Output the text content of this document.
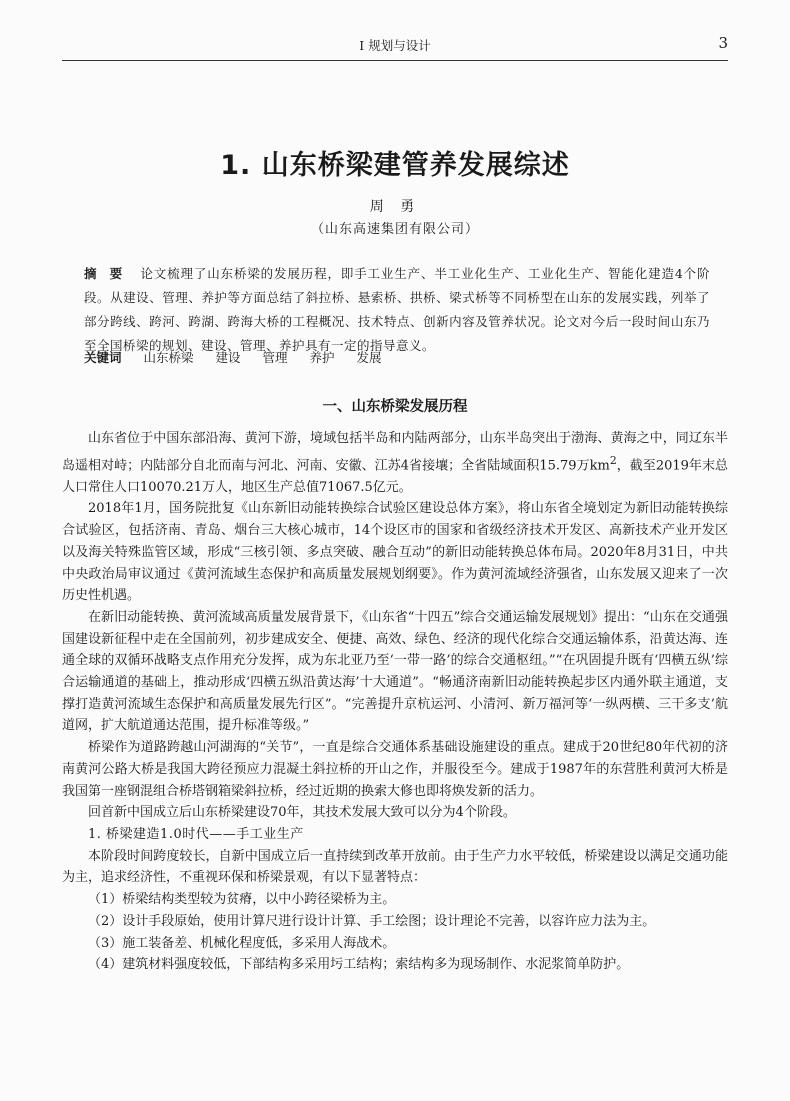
Ⅰ 规划与设计	3
1. 山东桥梁建管养发展综述
周 勇
（山东高速集团有限公司）
摘 要 论文梳理了山东桥梁的发展历程，即手工业生产、半工业化生产、工业化生产、智能化建造4个阶段。从建设、管理、养护等方面总结了斜拉桥、悬索桥、拱桥、梁式桥等不同桥型在山东的发展实践，列举了部分跨线、跨河、跨湖、跨海大桥的工程概况、技术特点、创新内容及管养状况。论文对今后一段时间山东乃至全国桥梁的规划、建设、管理、养护具有一定的指导意义。
关键词 山东桥梁 建设 管理 养护 发展
一、山东桥梁发展历程

山东省位于中国东部沿海、黄河下游，境域包括半岛和内陆两部分，山东半岛突出于渤海、黄海之中，同辽东半岛遥相对峙；内陆部分自北而南与河北、河南、安徽、江苏4省接壤；全省陆域面积15.79万$km^2$，截至2019年末总人口常住人口10070.21万人，地区生产总值71067.5亿元。

2018年1月，国务院批复《山东新旧动能转换综合试验区建设总体方案》，将山东省全境划定为新旧动能转换综合试验区，包括济南、青岛、烟台三大核心城市，14个设区市的国家和省级经济技术开发区、高新技术产业开发区以及海关特殊监管区域，形成“三核引领、多点突破、融合互动”的新旧动能转换总体布局。2020年8月31日，中共中央政治局审议通过《黄河流域生态保护和高质量发展规划纲要》。作为黄河流域经济强省，山东发展又迎来了一次历史性机遇。

在新旧动能转换、黄河流域高质量发展背景下，《山东省“十四五”综合交通运输发展规划》提出：“山东在交通强国建设新征程中走在全国前列，初步建成安全、便捷、高效、绿色、经济的现代化综合交通运输体系，沿黄达海、连通全球的双循环战略支点作用充分发挥，成为东北亚乃至‘一带一路’的综合交通枢纽。”“在巩固提升既有‘四横五纵’综合运输通道的基础上，推动形成‘四横五纵沿黄达海’十大通道”。“畅通济南新旧动能转换起步区内通外联主通道，支撑打造黄河流域生态保护和高质量发展先行区”。“完善提升京杭运河、小清河、新万福河等‘一纵两横、三干多支’航道网，扩大航道通达范围，提升标准等级。”

桥梁作为道路跨越山河湖海的“关节”，一直是综合交通体系基础设施建设的重点。建成于20世纪80年代初的济南黄河公路大桥是我国大跨径预应力混凝土斜拉桥的开山之作，并服役至今。建成于1987年的东营胜利黄河大桥是我国第一座钢混组合桥塔钢箱梁斜拉桥，经过近期的换索大修也即将焕发新的活力。

回首新中国成立后山东桥梁建设70年，其技术发展大致可以分为4个阶段。

1. 桥梁建造1.0时代——手工业生产

本阶段时间跨度较长，自新中国成立后一直持续到改革开放前。由于生产力水平较低，桥梁建设以满足交通功能为主，追求经济性，不重视环保和桥梁景观，有以下显著特点：

（1）桥梁结构类型较为贫瘠，以中小跨径梁桥为主。

（2）设计手段原始，使用计算尺进行设计计算、手工绘图；设计理论不完善，以容许应力法为主。

（3）施工装备差、机械化程度低，多采用人海战术。

（4）建筑材料强度较低，下部结构多采用圬工结构；索结构多为现场制作、水泥浆简单防护。
